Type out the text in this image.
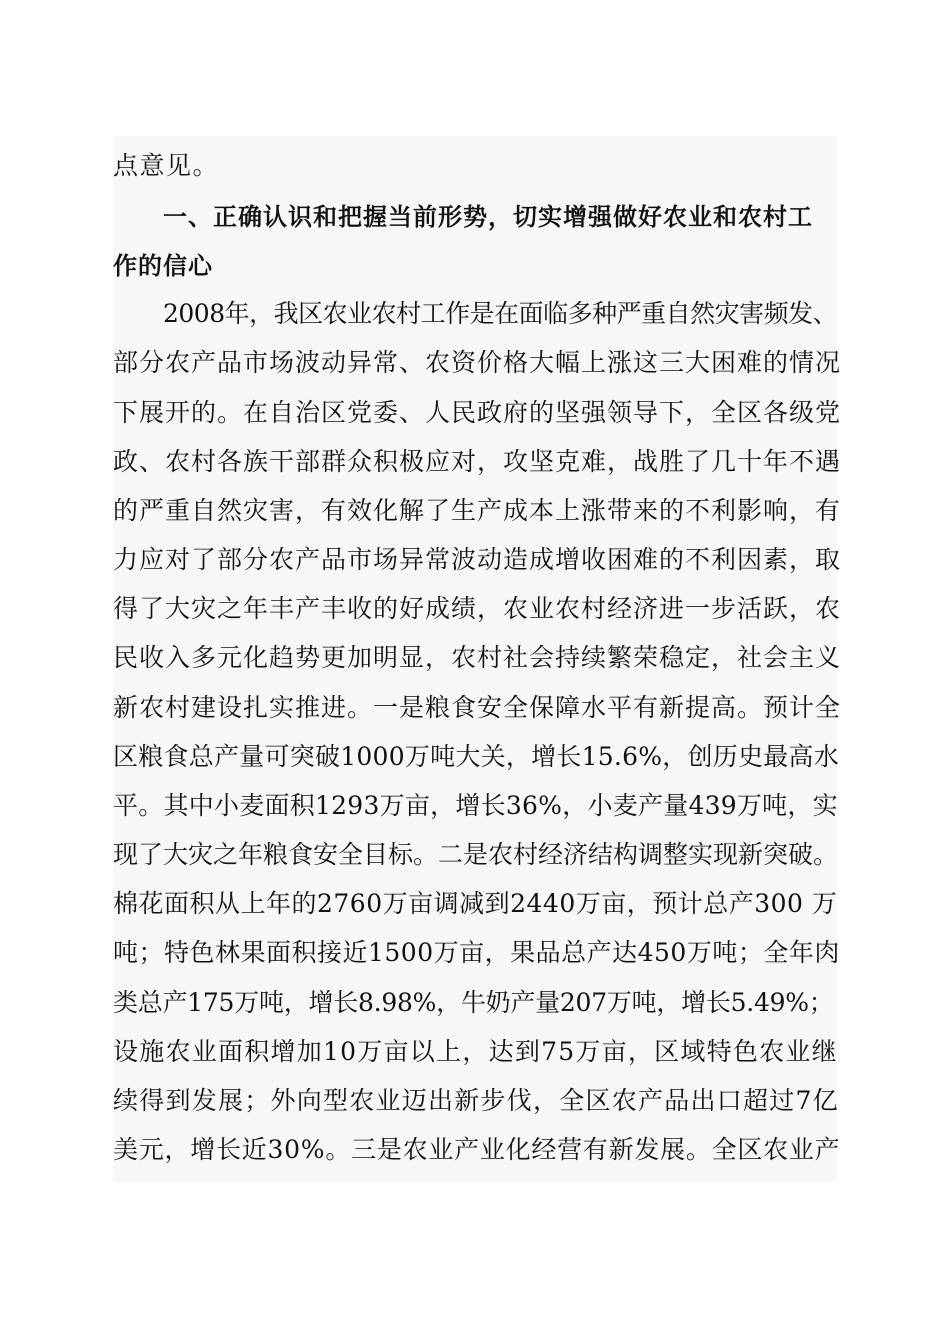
点意见。
一、正确认识和把握当前形势，切实增强做好农业和农村工
作的信心
2008年，我区农业农村工作是在面临多种严重自然灾害频发、
部分农产品市场波动异常、农资价格大幅上涨这三大困难的情况
下展开的。在自治区党委、人民政府的坚强领导下，全区各级党
政、农村各族干部群众积极应对，攻坚克难，战胜了几十年不遇
的严重自然灾害，有效化解了生产成本上涨带来的不利影响，有
力应对了部分农产品市场异常波动造成增收困难的不利因素，取
得了大灾之年丰产丰收的好成绩，农业农村经济进一步活跃，农
民收入多元化趋势更加明显，农村社会持续繁荣稳定，社会主义
新农村建设扎实推进。一是粮食安全保障水平有新提高。预计全
区粮食总产量可突破1000万吨大关，增长15.6%，创历史最高水
平。其中小麦面积1293万亩，增长36%，小麦产量439万吨，实
现了大灾之年粮食安全目标。二是农村经济结构调整实现新突破。
棉花面积从上年的2760万亩调减到2440万亩，预计总产300 万
吨；特色林果面积接近1500万亩，果品总产达450万吨；全年肉
类总产175万吨，增长8.98%，牛奶产量207万吨，增长5.49%；
设施农业面积增加10万亩以上，达到75万亩，区域特色农业继
续得到发展；外向型农业迈出新步伐，全区农产品出口超过7亿
美元，增长近30%。三是农业产业化经营有新发展。全区农业产
